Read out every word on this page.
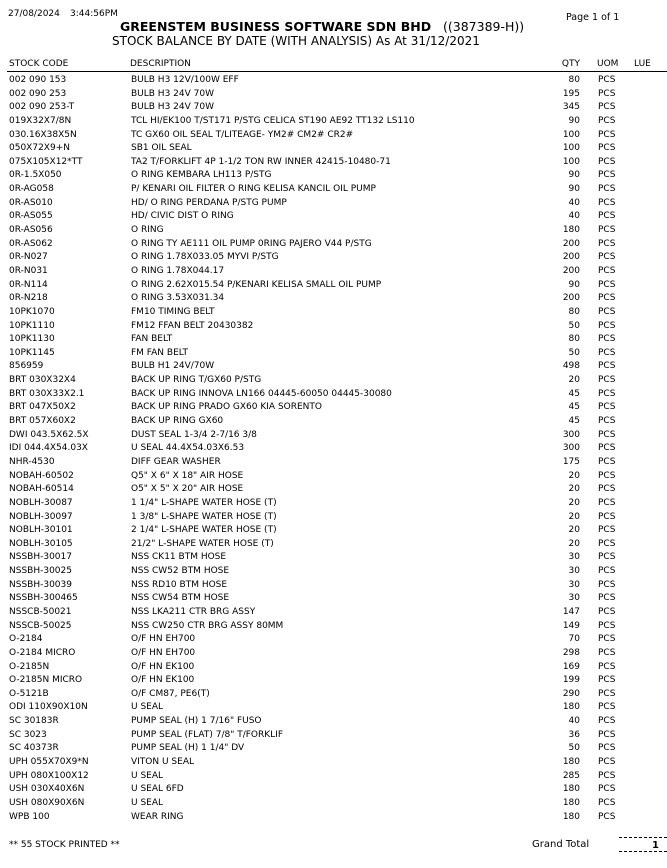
27/08/2024 3:44:56PM	Page 1 of 1
GREENSTEM BUSINESS SOFTWARE SDN BHD ((387389-H))
STOCK BALANCE BY DATE (WITH ANALYSIS) As At 31/12/2021
STOCK CODE	DESCRIPTION	QTY UOM LUE
002 090 153	BULB H3 12V/100W EFF	80 PCS
002 090 253	BULB H3 24V 70W	195 PCS
002 090 253-T	BULB H3 24V 70W	345 PCS
019X32X7/8N	TCL HI/EK100 T/ST171 P/STG CELICA ST190 AE92 TT132 LS110	90 PCS
030.16X38X5N	TC GX60 OIL SEAL T/LITEAGE- YM2# CM2# CR2#	100 PCS
050X72X9+N	SB1 OIL SEAL	100 PCS
075X105X12*TT	TA2 T/FORKLIFT 4P 1-1/2 TON RW INNER 42415-10480-71	100 PCS
0R-1.5X050	O RING KEMBARA LH113 P/STG	90 PCS
0R-AG058	P/ KENARI OIL FILTER O RING KELISA KANCIL OIL PUMP	90 PCS
0R-AS010	HD/ O RING PERDANA P/STG PUMP	40 PCS
0R-AS055	HD/ CIVIC DIST O RING	40 PCS
0R-AS056	O RING	180 PCS
0R-AS062	O RING TY AE111 OIL PUMP 0RING PAJERO V44 P/STG	200 PCS
0R-N027	O RING 1.78X033.05 MYVI P/STG	200 PCS
0R-N031	O RING 1.78X044.17	200 PCS
0R-N114	O RING 2.62X015.54 P/KENARI KELISA SMALL OIL PUMP	90 PCS
0R-N218	O RING 3.53X031.34	200 PCS
10PK1070	FM10 TIMING BELT	80 PCS
10PK1110	FM12 FFAN BELT 20430382	50 PCS
10PK1130	FAN BELT	80 PCS
10PK1145	FM FAN BELT	50 PCS
856959	BULB H1 24V/70W	498 PCS
BRT 030X32X4	BACK UP RING T/GX60 P/STG	20 PCS
BRT 030X33X2.1	BACK UP RING INNOVA LN166 04445-60050 04445-30080	45 PCS
BRT 047X50X2	BACK UP RING PRADO GX60 KIA SORENTO	45 PCS
BRT 057X60X2	BACK UP RING GX60	45 PCS
DWI 043.5X62.5X	DUST SEAL 1-3/4 2-7/16 3/8	300 PCS
IDI 044.4X54.03X	U SEAL 44.4X54.03X6.53	300 PCS
NHR-4530	DIFF GEAR WASHER	175 PCS
NOBAH-60502	Q5" X 6" X 18" AIR HOSE	20 PCS
NOBAH-60514	O5" X 5" X 20" AIR HOSE	20 PCS
NOBLH-30087	1 1/4" L-SHAPE WATER HOSE (T)	20 PCS
NOBLH-30097	1 3/8" L-SHAPE WATER HOSE (T)	20 PCS
NOBLH-30101	2 1/4" L-SHAPE WATER HOSE (T)	20 PCS
NOBLH-30105	21/2" L-SHAPE WATER HOSE (T)	20 PCS
NSSBH-30017	NSS CK11 BTM HOSE	30 PCS
NSSBH-30025	NSS CW52 BTM HOSE	30 PCS
NSSBH-30039	NSS RD10 BTM HOSE	30 PCS
NSSBH-300465	NSS CW54 BTM HOSE	30 PCS
NSSCB-50021	NSS LKA211 CTR BRG ASSY	147 PCS
NSSCB-50025	NSS CW250 CTR BRG ASSY 80MM	149 PCS
O-2184	O/F HN EH700	70 PCS
O-2184 MICRO	O/F HN EH700	298 PCS
O-2185N	O/F HN EK100	169 PCS
O-2185N MICRO	O/F HN EK100	199 PCS
O-5121B	O/F CM87, PE6(T)	290 PCS
ODI 110X90X10N	U SEAL	180 PCS
SC 30183R	PUMP SEAL (H) 1 7/16" FUSO	40 PCS
SC 3023	PUMP SEAL (FLAT) 7/8" T/FORKLIF	36 PCS
SC 40373R	PUMP SEAL (H) 1 1/4" DV	50 PCS
UPH 055X70X9*N	VITON U SEAL	180 PCS
UPH 080X100X12	U SEAL	285 PCS
USH 030X40X6N	U SEAL 6FD	180 PCS
USH 080X90X6N	U SEAL	180 PCS
WPB 100	WEAR RING	180 PCS
** 55 STOCK PRINTED **	Grand Total	1
